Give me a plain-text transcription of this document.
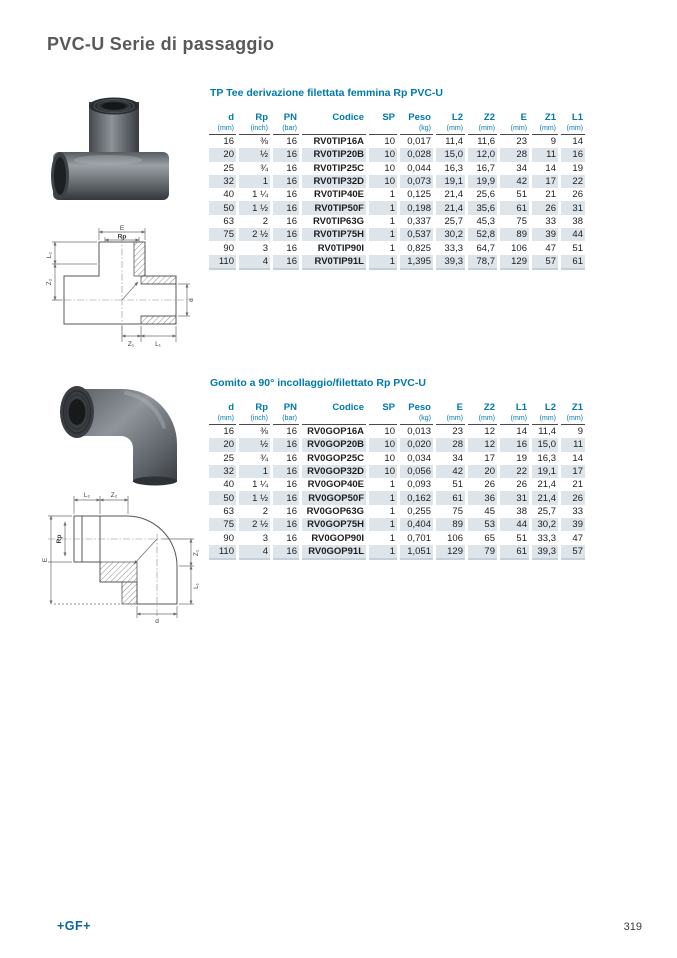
PVC-U Serie di passaggio
TP Tee derivazione filettata femmina Rp PVC-U
E
Rp
L₂
Z₂
d
Z₁	L₁
d	Rp	PN	Codice	SP	Peso	L2	Z2	E	Z1	L1
(mm)	(inch)	(bar)			(kg)	(mm)	(mm)	(mm)	(mm)	(mm)
16	⅜	16	RV0TIP16A	10	0,017	11,4	11,6	23	9	14
20	½	16	RV0TIP20B	10	0,028	15,0	12,0	28	11	16
25	¾	16	RV0TIP25C	10	0,044	16,3	16,7	34	14	19
32	1	16	RV0TIP32D	10	0,073	19,1	19,9	42	17	22
40	1 ¼	16	RV0TIP40E	1	0,125	21,4	25,6	51	21	26
50	1 ½	16	RV0TIP50F	1	0,198	21,4	35,6	61	26	31
63	2	16	RV0TIP63G	1	0,337	25,7	45,3	75	33	38
75	2 ½	16	RV0TIP75H	1	0,537	30,2	52,8	89	39	44
90	3	16	RV0TIP90I	1	0,825	33,3	64,7	106	47	51
110	4	16	RV0TIP91L	1	1,395	39,3	78,7	129	57	61
Gomito a 90° incollaggio/filettato Rp PVC-U
L₂	Z₂
E
Rp
Z₁
L₁
d
d	Rp	PN	Codice	SP	Peso	E	Z2	L1	L2	Z1
(mm)	(inch)	(bar)			(kg)	(mm)	(mm)	(mm)	(mm)	(mm)
16	⅜	16	RV0GOP16A	10	0,013	23	12	14	11,4	9
20	½	16	RV0GOP20B	10	0,020	28	12	16	15,0	11
25	¾	16	RV0GOP25C	10	0,034	34	17	19	16,3	14
32	1	16	RV0GOP32D	10	0,056	42	20	22	19,1	17
40	1 ¼	16	RV0GOP40E	1	0,093	51	26	26	21,4	21
50	1 ½	16	RV0GOP50F	1	0,162	61	36	31	21,4	26
63	2	16	RV0GOP63G	1	0,255	75	45	38	25,7	33
75	2 ½	16	RV0GOP75H	1	0,404	89	53	44	30,2	39
90	3	16	RV0GOP90I	1	0,701	106	65	51	33,3	47
110	4	16	RV0GOP91L	1	1,051	129	79	61	39,3	57
+GF+	319
